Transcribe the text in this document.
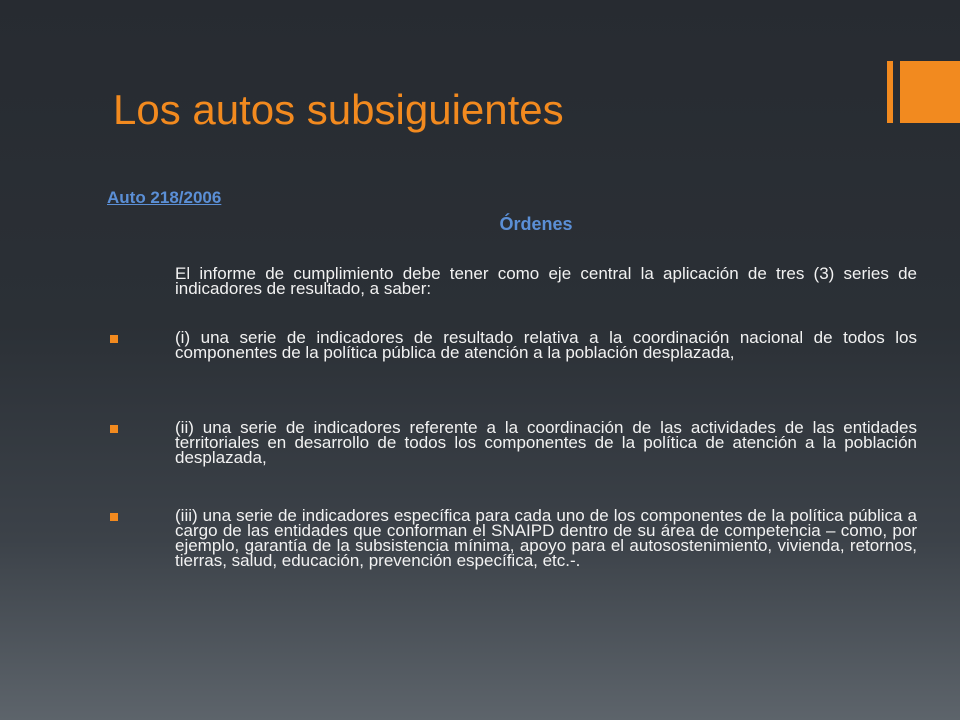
Los autos subsiguientes
Auto 218/2006
Órdenes

El informe de cumplimiento debe tener como eje central la aplicación de tres (3) series de indicadores de resultado, a saber:

(i) una serie de indicadores de resultado relativa a la coordinación nacional de todos los componentes de la política pública de atención a la población desplazada,

(ii) una serie de indicadores referente a la coordinación de las actividades de las entidades territoriales en desarrollo de todos los componentes de la política de atención a la población desplazada,

(iii) una serie de indicadores específica para cada uno de los componentes de la política pública a cargo de las entidades que conforman el SNAIPD dentro de su área de competencia – como, por ejemplo, garantía de la subsistencia mínima, apoyo para el autosostenimiento, vivienda, retornos, tierras, salud, educación, prevención específica, etc.-.
